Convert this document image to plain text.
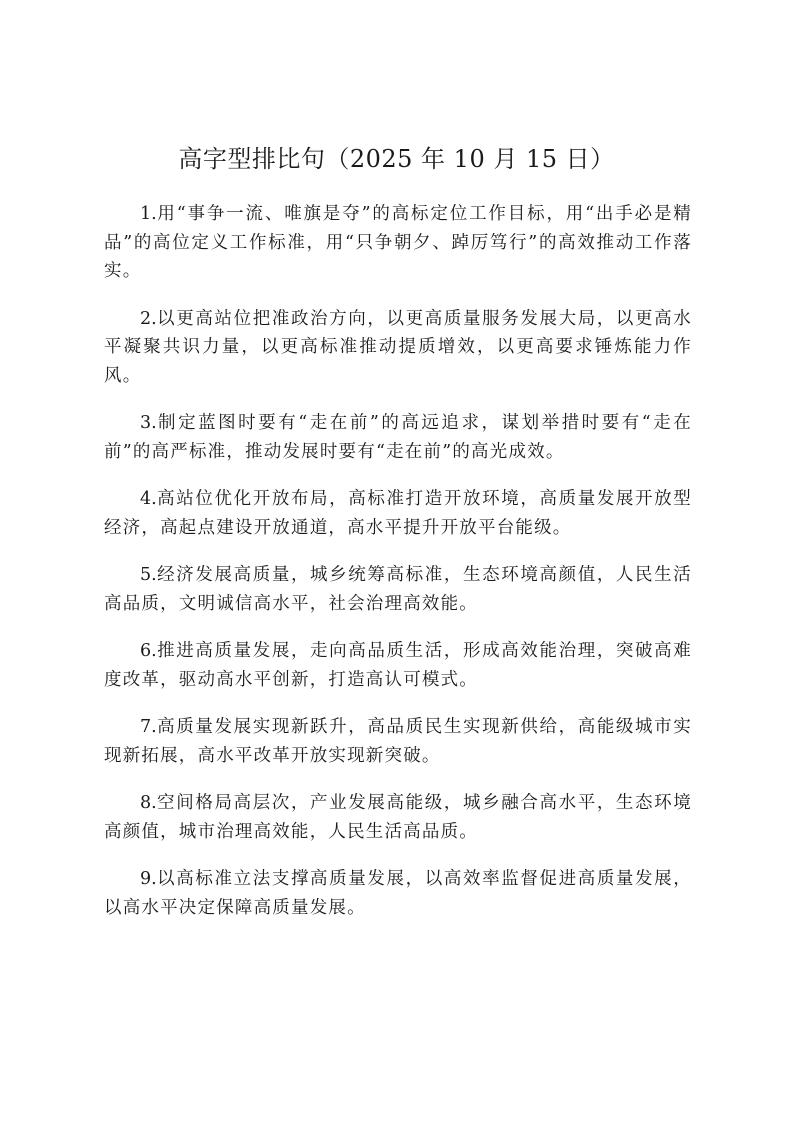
高字型排比句（2025 年 10 月 15 日）

1.用“事争一流、唯旗是夺”的高标定位工作目标，用“出手必是精品”的高位定义工作标准，用“只争朝夕、踔厉笃行”的高效推动工作落实。

2.以更高站位把准政治方向，以更高质量服务发展大局，以更高水平凝聚共识力量，以更高标准推动提质增效，以更高要求锤炼能力作风。

3.制定蓝图时要有“走在前”的高远追求，谋划举措时要有“走在前”的高严标准，推动发展时要有“走在前”的高光成效。

4.高站位优化开放布局，高标准打造开放环境，高质量发展开放型经济，高起点建设开放通道，高水平提升开放平台能级。

5.经济发展高质量，城乡统筹高标准，生态环境高颜值，人民生活高品质，文明诚信高水平，社会治理高效能。

6.推进高质量发展，走向高品质生活，形成高效能治理，突破高难度改革，驱动高水平创新，打造高认可模式。

7.高质量发展实现新跃升，高品质民生实现新供给，高能级城市实现新拓展，高水平改革开放实现新突破。

8.空间格局高层次，产业发展高能级，城乡融合高水平，生态环境高颜值，城市治理高效能，人民生活高品质。

9.以高标准立法支撑高质量发展，以高效率监督促进高质量发展，以高水平决定保障高质量发展。
